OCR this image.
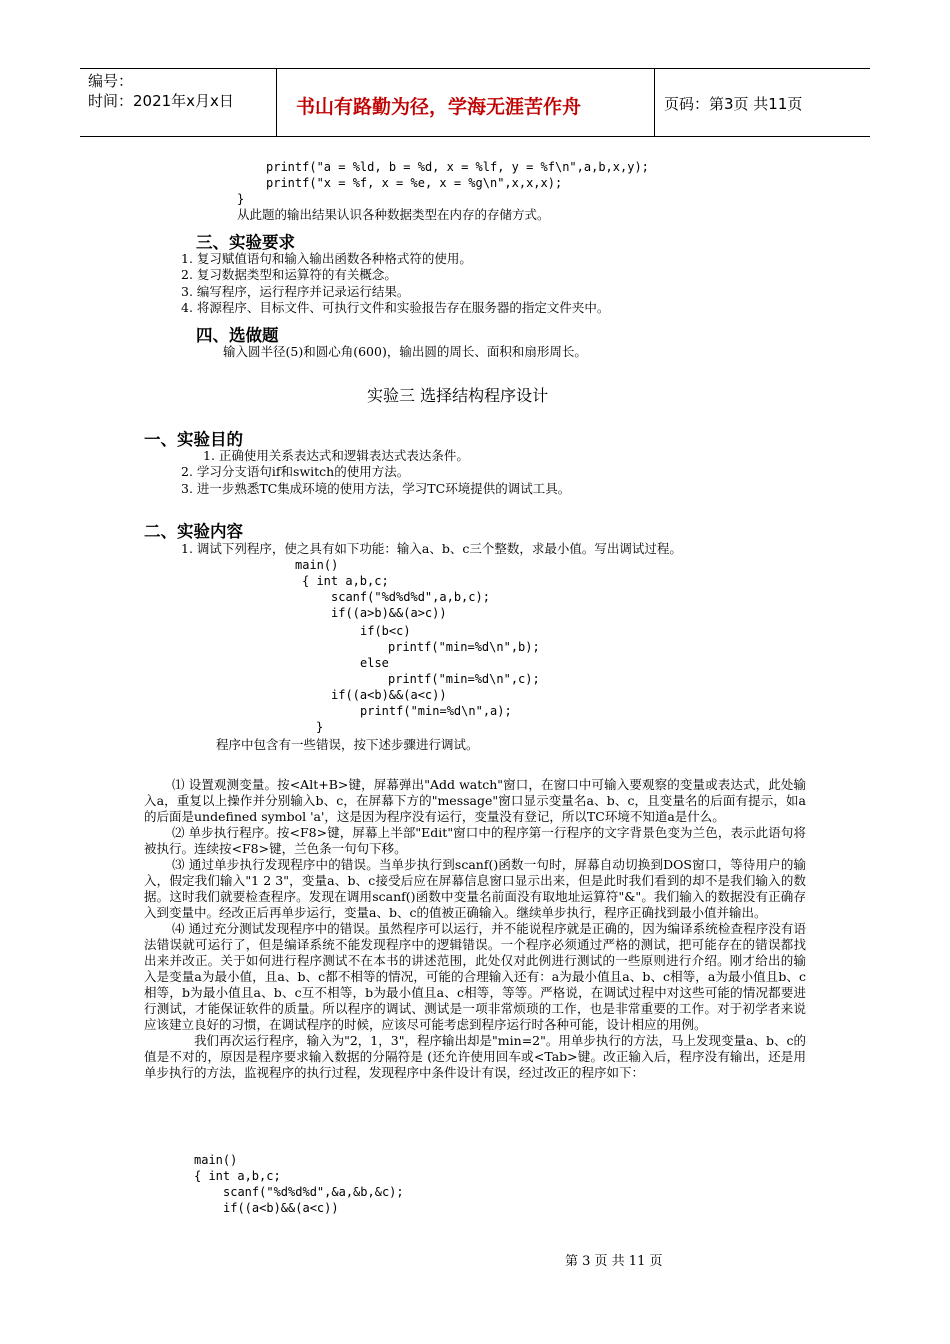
编号：
时间：2021年x月x日	书山有路勤为径，学海无涯苦作舟	页码：第3页 共11页
printf("a = %ld, b = %d, x = %lf, y = %f\n",a,b,x,y);
printf("x = %f, x = %e, x = %g\n",x,x,x);
}
从此题的输出结果认识各种数据类型在内存的存储方式。
三、实验要求
1. 复习赋值语句和输入输出函数各种格式符的使用。
2. 复习数据类型和运算符的有关概念。
3. 编写程序，运行程序并记录运行结果。
4. 将源程序、目标文件、可执行文件和实验报告存在服务器的指定文件夹中。
四、选做题
输入圆半径(5)和圆心角(600)，输出圆的周长、面积和扇形周长。
实验三 选择结构程序设计
一、实验目的
1. 正确使用关系表达式和逻辑表达式表达条件。
2. 学习分支语句if和switch的使用方法。
3. 进一步熟悉TC集成环境的使用方法，学习TC环境提供的调试工具。
二、实验内容
1. 调试下列程序，使之具有如下功能：输入a、b、c三个整数，求最小值。写出调试过程。
main()
{ int a,b,c;
scanf("%d%d%d",a,b,c);
if((a>b)&&(a>c))
if(b<c)
printf("min=%d\n",b);
else
printf("min=%d\n",c);
if((a<b)&&(a<c))
printf("min=%d\n",a);
}
程序中包含有一些错误，按下述步骤进行调试。

⑴ 设置观测变量。按<Alt+B>键，屏幕弹出"Add watch"窗口，在窗口中可输入要观察的变量或表达式，此处输入a，重复以上操作并分别输入b、c，在屏幕下方的"message"窗口显示变量名a、b、c，且变量名的后面有提示，如a的后面是undefined symbol 'a'，这是因为程序没有运行，变量没有登记，所以TC环境不知道a是什么。

⑵ 单步执行程序。按<F8>键，屏幕上半部"Edit"窗口中的程序第一行程序的文字背景色变为兰色，表示此语句将被执行。连续按<F8>键，兰色条一句句下移。

⑶ 通过单步执行发现程序中的错误。当单步执行到scanf()函数一句时，屏幕自动切换到DOS窗口，等待用户的输入，假定我们输入"1 2 3"，变量a、b、c接受后应在屏幕信息窗口显示出来，但是此时我们看到的却不是我们输入的数据。这时我们就要检查程序。发现在调用scanf()函数中变量名前面没有取地址运算符"&"。我们输入的数据没有正确存入到变量中。经改正后再单步运行，变量a、b、c的值被正确输入。继续单步执行，程序正确找到最小值并输出。

⑷ 通过充分测试发现程序中的错误。虽然程序可以运行，并不能说程序就是正确的，因为编译系统检查程序没有语法错误就可运行了，但是编译系统不能发现程序中的逻辑错误。一个程序必须通过严格的测试，把可能存在的错误都找出来并改正。关于如何进行程序测试不在本书的讲述范围，此处仅对此例进行测试的一些原则进行介绍。刚才给出的输入是变量a为最小值，且a、b、c都不相等的情况，可能的合理输入还有：a为最小值且a、b、c相等，a为最小值且b、c相等，b为最小值且a、b、c互不相等，b为最小值且a、c相等，等等。严格说，在调试过程中对这些可能的情况都要进行测试，才能保证软件的质量。所以程序的调试、测试是一项非常烦琐的工作，也是非常重要的工作。对于初学者来说应该建立良好的习惯，在调试程序的时候，应该尽可能考虑到程序运行时各种可能，设计相应的用例。

我们再次运行程序，输入为"2，1，3"，程序输出却是"min=2"。用单步执行的方法，马上发现变量a、b、c的值是不对的，原因是程序要求输入数据的分隔符是 (还允许使用回车或<Tab>键。改正输入后，程序没有输出，还是用单步执行的方法，监视程序的执行过程，发现程序中条件设计有误，经过改正的程序如下：

main()
{ int a,b,c;
scanf("%d%d%d",&a,&b,&c);
if((a<b)&&(a<c))
第 3 页 共 11 页
